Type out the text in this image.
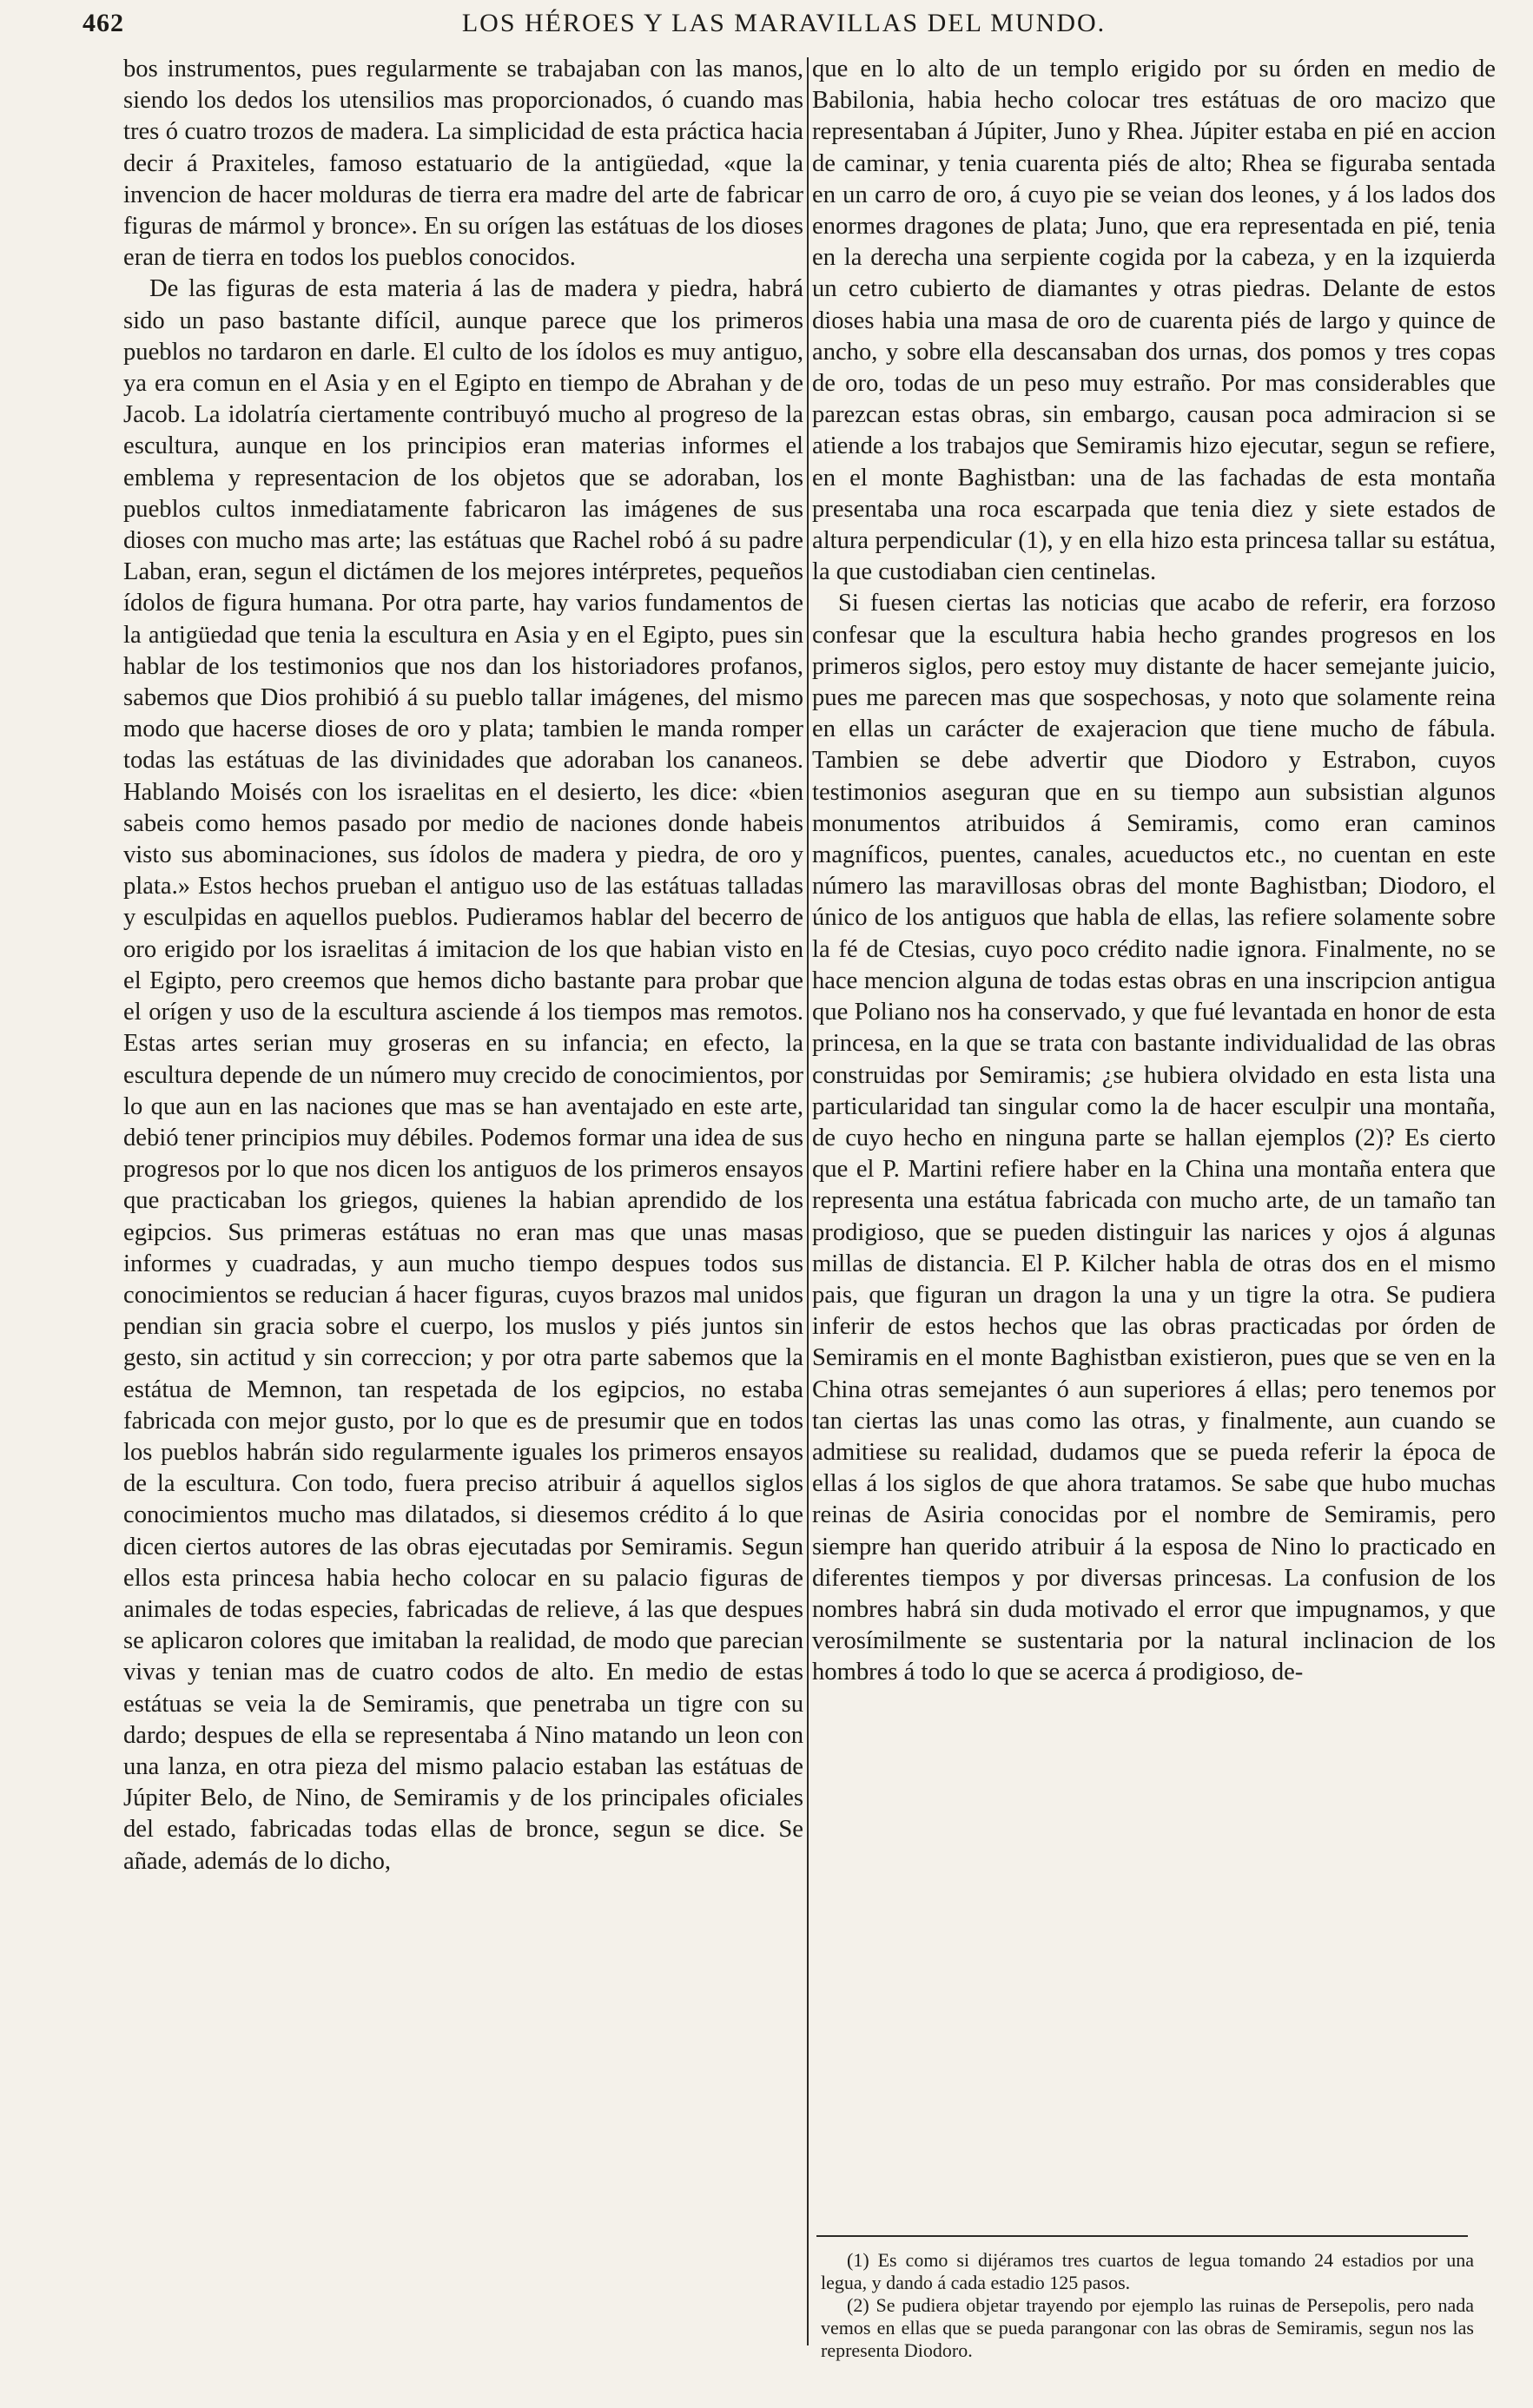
462	LOS HÉROES Y LAS MARAVILLAS DEL MUNDO.

bos instrumentos, pues regularmente se trabajaban con las manos, siendo los dedos los utensilios mas proporcionados, ó cuando mas tres ó cuatro trozos de madera. La simplicidad de esta práctica hacia decir á Praxiteles, famoso estatuario de la antigüedad, «que la invencion de hacer molduras de tierra era madre del arte de fabricar figuras de mármol y bronce». En su orígen las estátuas de los dioses eran de tierra en todos los pueblos conocidos.

De las figuras de esta materia á las de madera y piedra, habrá sido un paso bastante difícil, aunque parece que los primeros pueblos no tardaron en darle. El culto de los ídolos es muy antiguo, ya era comun en el Asia y en el Egipto en tiempo de Abrahan y de Jacob. La idolatría ciertamente contribuyó mucho al progreso de la escultura, aunque en los principios eran materias informes el emblema y representacion de los objetos que se adoraban, los pueblos cultos inmediatamente fabricaron las imágenes de sus dioses con mucho mas arte; las estátuas que Rachel robó á su padre Laban, eran, segun el dictámen de los mejores intérpretes, pequeños ídolos de figura humana. Por otra parte, hay varios fundamentos de la antigüedad que tenia la escultura en Asia y en el Egipto, pues sin hablar de los testimonios que nos dan los historiadores profanos, sabemos que Dios prohibió á su pueblo tallar imágenes, del mismo modo que hacerse dioses de oro y plata; tambien le manda romper todas las estátuas de las divinidades que adoraban los cananeos. Hablando Moisés con los israelitas en el desierto, les dice: «bien sabeis como hemos pasado por medio de naciones donde habeis visto sus abominaciones, sus ídolos de madera y piedra, de oro y plata.» Estos hechos prueban el antiguo uso de las estátuas talladas y esculpidas en aquellos pueblos. Pudieramos hablar del becerro de oro erigido por los israelitas á imitacion de los que habian visto en el Egipto, pero creemos que hemos dicho bastante para probar que el orígen y uso de la escultura asciende á los tiempos mas remotos. Estas artes serian muy groseras en su infancia; en efecto, la escultura depende de un número muy crecido de conocimientos, por lo que aun en las naciones que mas se han aventajado en este arte, debió tener principios muy débiles. Podemos formar una idea de sus progresos por lo que nos dicen los antiguos de los primeros ensayos que practicaban los griegos, quienes la habian aprendido de los egipcios. Sus primeras estátuas no eran mas que unas masas informes y cuadradas, y aun mucho tiempo despues todos sus conocimientos se reducian á hacer figuras, cuyos brazos mal unidos pendian sin gracia sobre el cuerpo, los muslos y piés juntos sin gesto, sin actitud y sin correccion; y por otra parte sabemos que la estátua de Memnon, tan respetada de los egipcios, no estaba fabricada con mejor gusto, por lo que es de presumir que en todos los pueblos habrán sido regularmente iguales los primeros ensayos de la escultura. Con todo, fuera preciso atribuir á aquellos siglos conocimientos mucho mas dilatados, si diesemos crédito á lo que dicen ciertos autores de las obras ejecutadas por Semiramis. Segun ellos esta princesa habia hecho colocar en su palacio figuras de animales de todas especies, fabricadas de relieve, á las que despues se aplicaron colores que imitaban la realidad, de modo que parecian vivas y tenian mas de cuatro codos de alto. En medio de estas estátuas se veia la de Semiramis, que penetraba un tigre con su dardo; despues de ella se representaba á Nino matando un leon con una lanza, en otra pieza del mismo palacio estaban las estátuas de Júpiter Belo, de Nino, de Semiramis y de los principales oficiales del estado, fabricadas todas ellas de bronce, segun se dice. Se añade, además de lo dicho,

que en lo alto de un templo erigido por su órden en medio de Babilonia, habia hecho colocar tres estátuas de oro macizo que representaban á Júpiter, Juno y Rhea. Júpiter estaba en pié en accion de caminar, y tenia cuarenta piés de alto; Rhea se figuraba sentada en un carro de oro, á cuyo pie se veian dos leones, y á los lados dos enormes dragones de plata; Juno, que era representada en pié, tenia en la derecha una serpiente cogida por la cabeza, y en la izquierda un cetro cubierto de diamantes y otras piedras. Delante de estos dioses habia una masa de oro de cuarenta piés de largo y quince de ancho, y sobre ella descansaban dos urnas, dos pomos y tres copas de oro, todas de un peso muy estraño. Por mas considerables que parezcan estas obras, sin embargo, causan poca admiracion si se atiende a los trabajos que Semiramis hizo ejecutar, segun se refiere, en el monte Baghistban: una de las fachadas de esta montaña presentaba una roca escarpada que tenia diez y siete estados de altura perpendicular (1), y en ella hizo esta princesa tallar su estátua, la que custodiaban cien centinelas.

Si fuesen ciertas las noticias que acabo de referir, era forzoso confesar que la escultura habia hecho grandes progresos en los primeros siglos, pero estoy muy distante de hacer semejante juicio, pues me parecen mas que sospechosas, y noto que solamente reina en ellas un carácter de exajeracion que tiene mucho de fábula. Tambien se debe advertir que Diodoro y Estrabon, cuyos testimonios aseguran que en su tiempo aun subsistian algunos monumentos atribuidos á Semiramis, como eran caminos magníficos, puentes, canales, acueductos etc., no cuentan en este número las maravillosas obras del monte Baghistban; Diodoro, el único de los antiguos que habla de ellas, las refiere solamente sobre la fé de Ctesias, cuyo poco crédito nadie ignora. Finalmente, no se hace mencion alguna de todas estas obras en una inscripcion antigua que Poliano nos ha conservado, y que fué levantada en honor de esta princesa, en la que se trata con bastante individualidad de las obras construidas por Semiramis; ¿se hubiera olvidado en esta lista una particularidad tan singular como la de hacer esculpir una montaña, de cuyo hecho en ninguna parte se hallan ejemplos (2)? Es cierto que el P. Martini refiere haber en la China una montaña entera que representa una estátua fabricada con mucho arte, de un tamaño tan prodigioso, que se pueden distinguir las narices y ojos á algunas millas de distancia. El P. Kilcher habla de otras dos en el mismo pais, que figuran un dragon la una y un tigre la otra. Se pudiera inferir de estos hechos que las obras practicadas por órden de Semiramis en el monte Baghistban existieron, pues que se ven en la China otras semejantes ó aun superiores á ellas; pero tenemos por tan ciertas las unas como las otras, y finalmente, aun cuando se admitiese su realidad, dudamos que se pueda referir la época de ellas á los siglos de que ahora tratamos. Se sabe que hubo muchas reinas de Asiria conocidas por el nombre de Semiramis, pero siempre han querido atribuir á la esposa de Nino lo practicado en diferentes tiempos y por diversas princesas. La confusion de los nombres habrá sin duda motivado el error que impugnamos, y que verosímilmente se sustentaria por la natural inclinacion de los hombres á todo lo que se acerca á prodigioso, de-

(1) Es como si dijéramos tres cuartos de legua tomando 24 estadios por una legua, y dando á cada estadio 125 pasos.

(2) Se pudiera objetar trayendo por ejemplo las ruinas de Persepolis, pero nada vemos en ellas que se pueda parangonar con las obras de Semiramis, segun nos las representa Diodoro.
